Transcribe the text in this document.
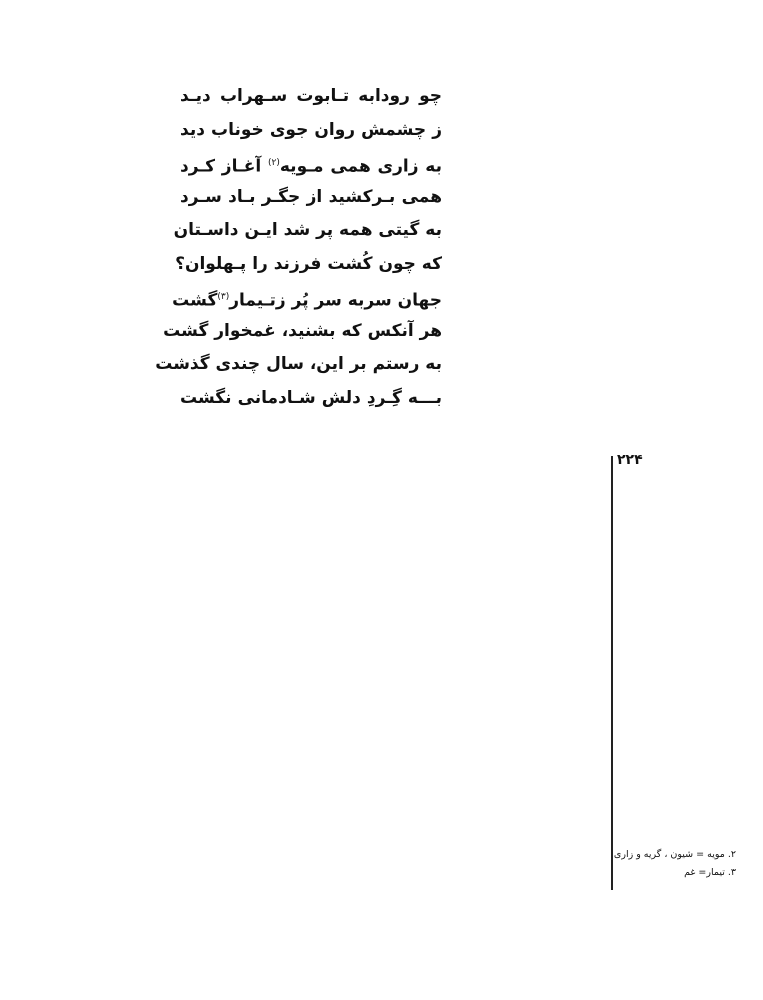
چو رودابه تـابوت سـهراب دیـد
ز چشمش روان جوی خوناب دید
به زاری همی مـویه$^{(۲)}$ آغـاز کـرد
همی بـرکشید از جگـر بـاد سـرد
به گیتی همه پر شد ایـن داسـتان
که چون کُشت فرزند را پـهلوان؟
جهان سربه سر پُر زتـیمار$^{(۳)}$گشت
هر آنکس که بشنید، غمخوار گشت
به رستم بر این، سال چندی گذشت
بـــه گِـردِ دلش شـادمانی نگشت
۲۲۴
۲. مویه = شیون ، گریه و زاری
۳. تیمار= غم
